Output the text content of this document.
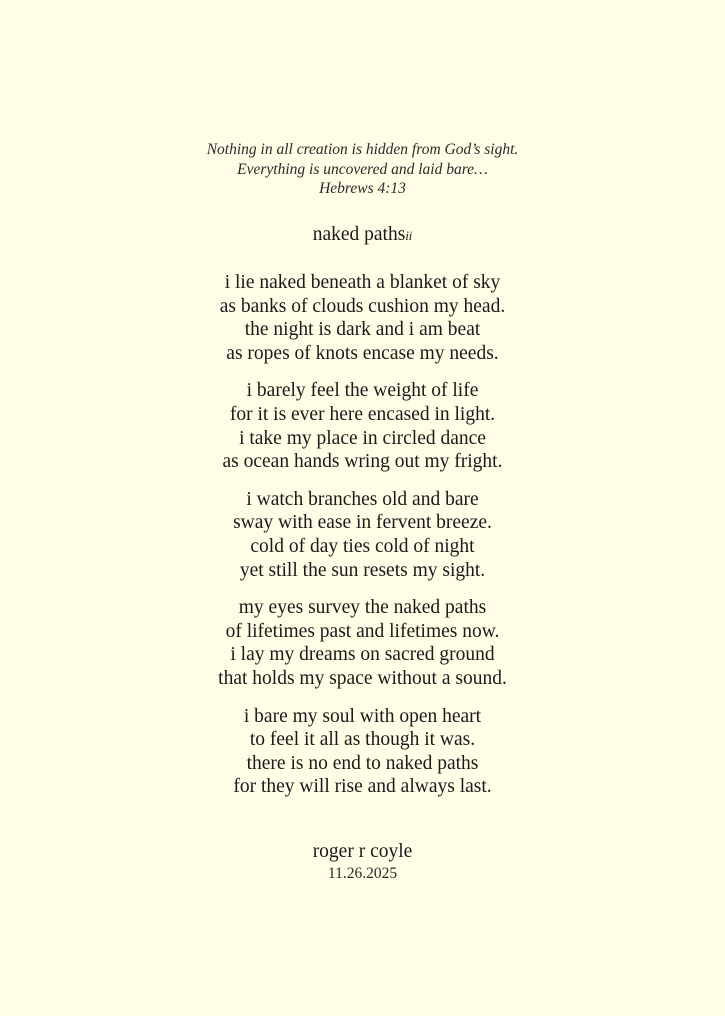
Nothing in all creation is hidden from God’s sight.
Everything is uncovered and laid bare…
Hebrews 4:13
naked pathsii
i lie naked beneath a blanket of sky
as banks of clouds cushion my head.
the night is dark and i am beat
as ropes of knots encase my needs.
i barely feel the weight of life
for it is ever here encased in light.
i take my place in circled dance
as ocean hands wring out my fright.
i watch branches old and bare
sway with ease in fervent breeze.
cold of day ties cold of night
yet still the sun resets my sight.
my eyes survey the naked paths
of lifetimes past and lifetimes now.
i lay my dreams on sacred ground
that holds my space without a sound.
i bare my soul with open heart
to feel it all as though it was.
there is no end to naked paths
for they will rise and always last.
roger r coyle
11.26.2025
